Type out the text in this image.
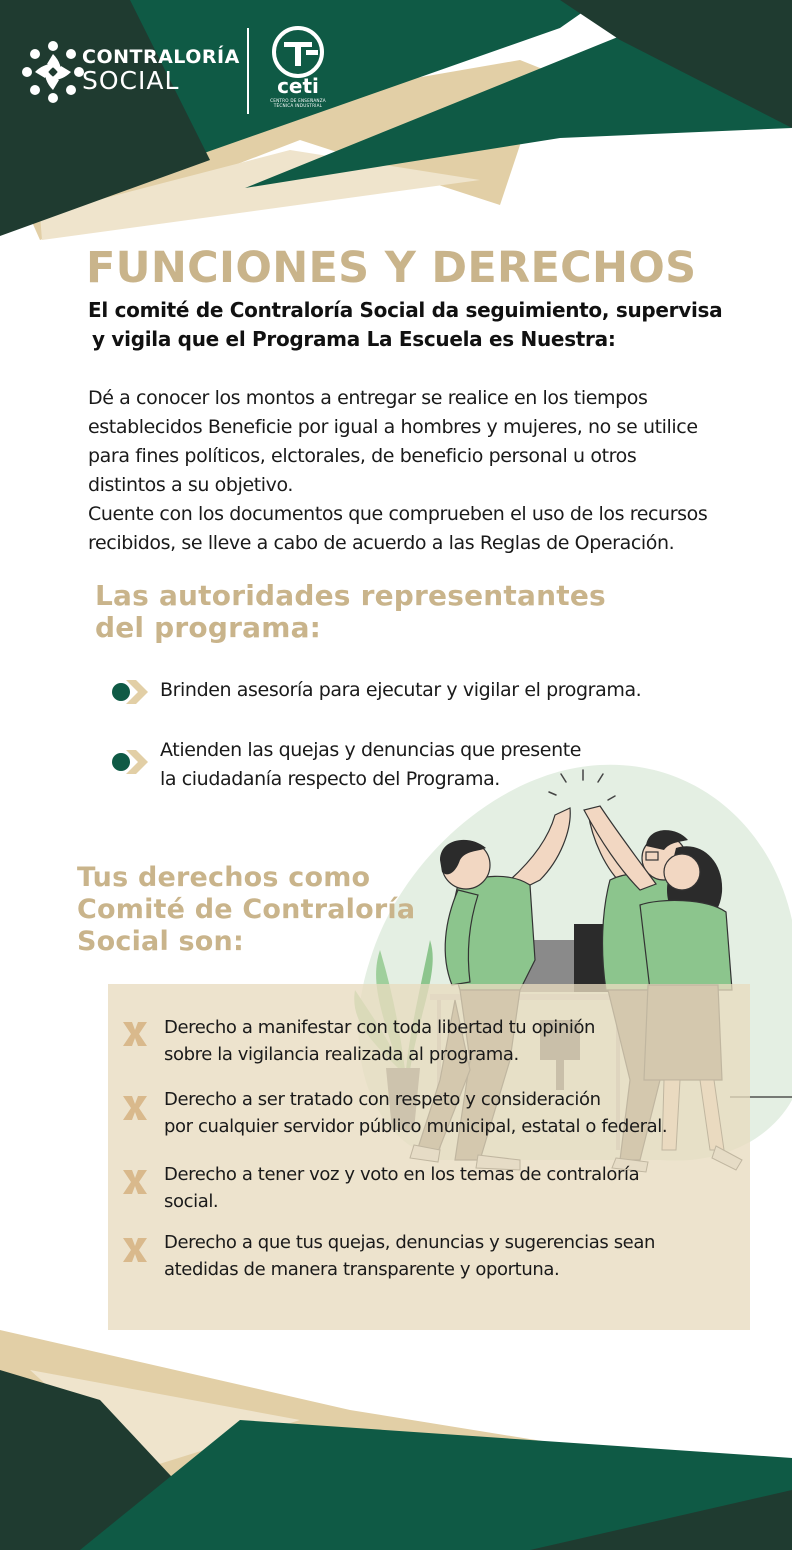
CONTRALORÍA
SOCIAL	ceti
CENTRO DE ENSEÑANZA
TÉCNICA INDUSTRIAL
FUNCIONES Y DERECHOS
El comité de Contraloría Social da seguimiento, supervisa
y vigila que el Programa La Escuela es Nuestra:
Dé a conocer los montos a entregar se realice en los tiempos
establecidos Beneficie por igual a hombres y mujeres, no se utilice
para fines políticos, elctorales, de beneficio personal u otros
distintos a su objetivo.
Cuente con los documentos que comprueben el uso de los recursos
recibidos, se lleve a cabo de acuerdo a las Reglas de Operación.
Las autoridades representantes
del programa:
Brinden asesoría para ejecutar y vigilar el programa.
Atienden las quejas y denuncias que presente
la ciudadanía respecto del Programa.
Tus derechos como
Comité de Contraloría
Social son:
Derecho a manifestar con toda libertad tu opinión
sobre la vigilancia realizada al programa.
Derecho a ser tratado con respeto y consideración
por cualquier servidor público municipal, estatal o federal.
Derecho a tener voz y voto en los temas de contraloría
social.
Derecho a que tus quejas, denuncias y sugerencias sean
atedidas de manera transparente y oportuna.
